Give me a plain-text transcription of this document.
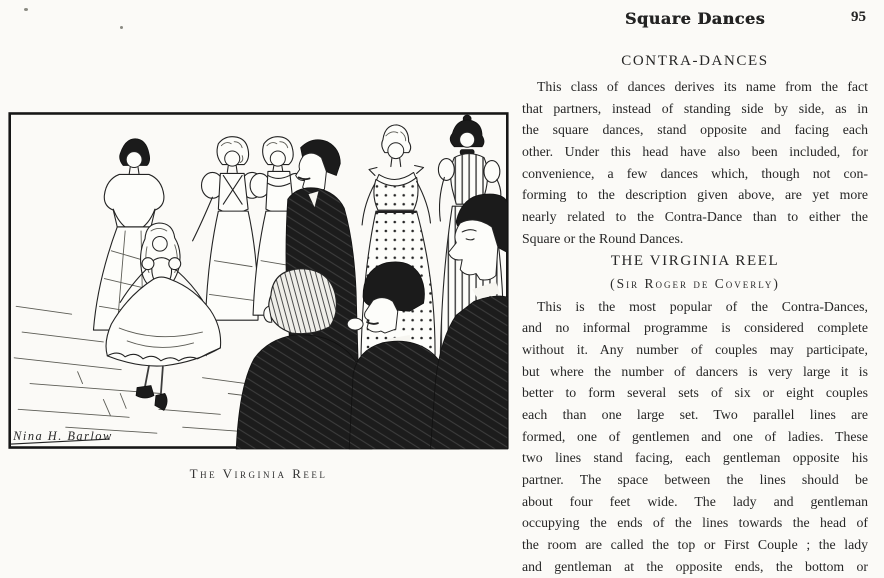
Nina H. Barlow
The Virginia Reel
Square Dances	95
CONTRA-DANCES
This class of dances derives its name from the fact
that partners, instead of standing side by side, as in
the square dances, stand opposite and facing each
other. Under this head have also been included, for
convenience, a few dances which, though not con-
forming to the description given above, are yet more
nearly related to the Contra-Dance than to either the
Square or the Round Dances.
THE VIRGINIA REEL
(Sir Roger de Coverly)
This is the most popular of the Contra-Dances,
and no informal programme is considered complete
without it. Any number of couples may participate,
but where the number of dancers is very large it is
better to form several sets of six or eight couples
each than one large set. Two parallel lines are
formed, one of gentlemen and one of ladies. These
two lines stand facing, each gentleman opposite his
partner. The space between the lines should be
about four feet wide. The lady and gentleman
occupying the ends of the lines towards the head of
the room are called the top or First Couple ; the lady
and gentleman at the opposite ends, the bottom or
